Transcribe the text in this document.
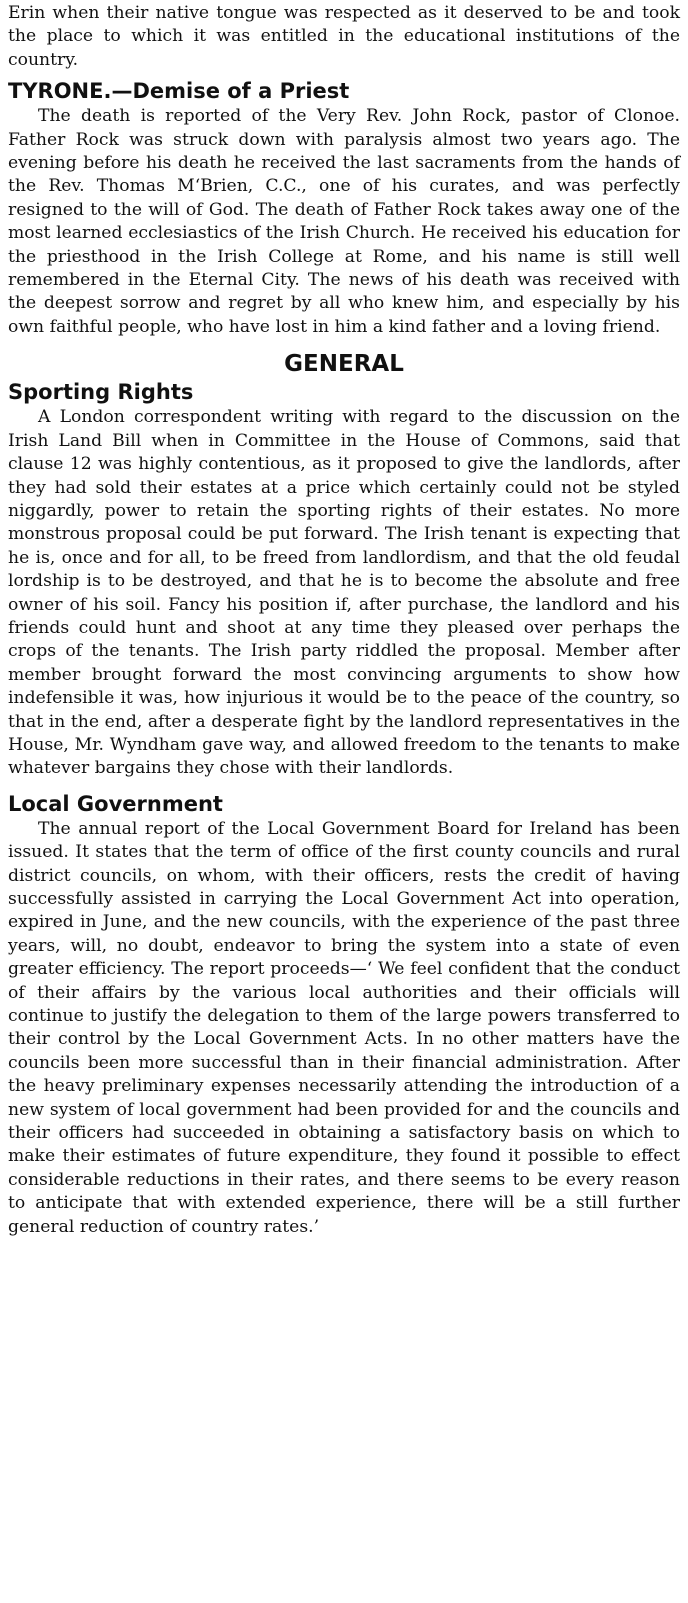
Erin when their native tongue was respected as it deserved to be and took the place to which it was entitled in the educational institutions of the country.

TYRONE.—Demise of a Priest

The death is reported of the Very Rev. John Rock, pastor of Clonoe. Father Rock was struck down with paralysis almost two years ago. The evening before his death he received the last sacraments from the hands of the Rev. Thomas M‘Brien, C.C., one of his curates, and was perfectly resigned to the will of God. The death of Father Rock takes away one of the most learned ecclesiastics of the Irish Church. He received his education for the priesthood in the Irish College at Rome, and his name is still well remembered in the Eternal City. The news of his death was received with the deepest sorrow and regret by all who knew him, and especially by his own faithful people, who have lost in him a kind father and a loving friend.

GENERAL
Sporting Rights

A London correspondent writing with regard to the discussion on the Irish Land Bill when in Committee in the House of Commons, said that clause 12 was highly contentious, as it proposed to give the landlords, after they had sold their estates at a price which certainly could not be styled niggardly, power to retain the sporting rights of their estates. No more monstrous proposal could be put forward. The Irish tenant is expecting that he is, once and for all, to be freed from landlordism, and that the old feudal lordship is to be destroyed, and that he is to become the absolute and free owner of his soil. Fancy his position if, after purchase, the landlord and his friends could hunt and shoot at any time they pleased over perhaps the crops of the tenants. The Irish party riddled the proposal. Member after member brought forward the most convincing arguments to show how indefensible it was, how injurious it would be to the peace of the country, so that in the end, after a desperate fight by the landlord representatives in the House, Mr. Wyndham gave way, and allowed freedom to the tenants to make whatever bargains they chose with their landlords.

Local Government

The annual report of the Local Government Board for Ireland has been issued. It states that the term of office of the first county councils and rural district councils, on whom, with their officers, rests the credit of having successfully assisted in carrying the Local Government Act into operation, expired in June, and the new councils, with the experience of the past three years, will, no doubt, endeavor to bring the system into a state of even greater efficiency. The report proceeds—‘ We feel confident that the conduct of their affairs by the various local authorities and their officials will continue to justify the delegation to them of the large powers transferred to their control by the Local Government Acts. In no other matters have the councils been more successful than in their financial administration. After the heavy preliminary expenses necessarily attending the introduction of a new system of local government had been provided for and the councils and their officers had succeeded in obtaining a satisfactory basis on which to make their estimates of future expenditure, they found it possible to effect considerable reductions in their rates, and there seems to be every reason to anticipate that with extended experience, there will be a still further general reduction of country rates.’
